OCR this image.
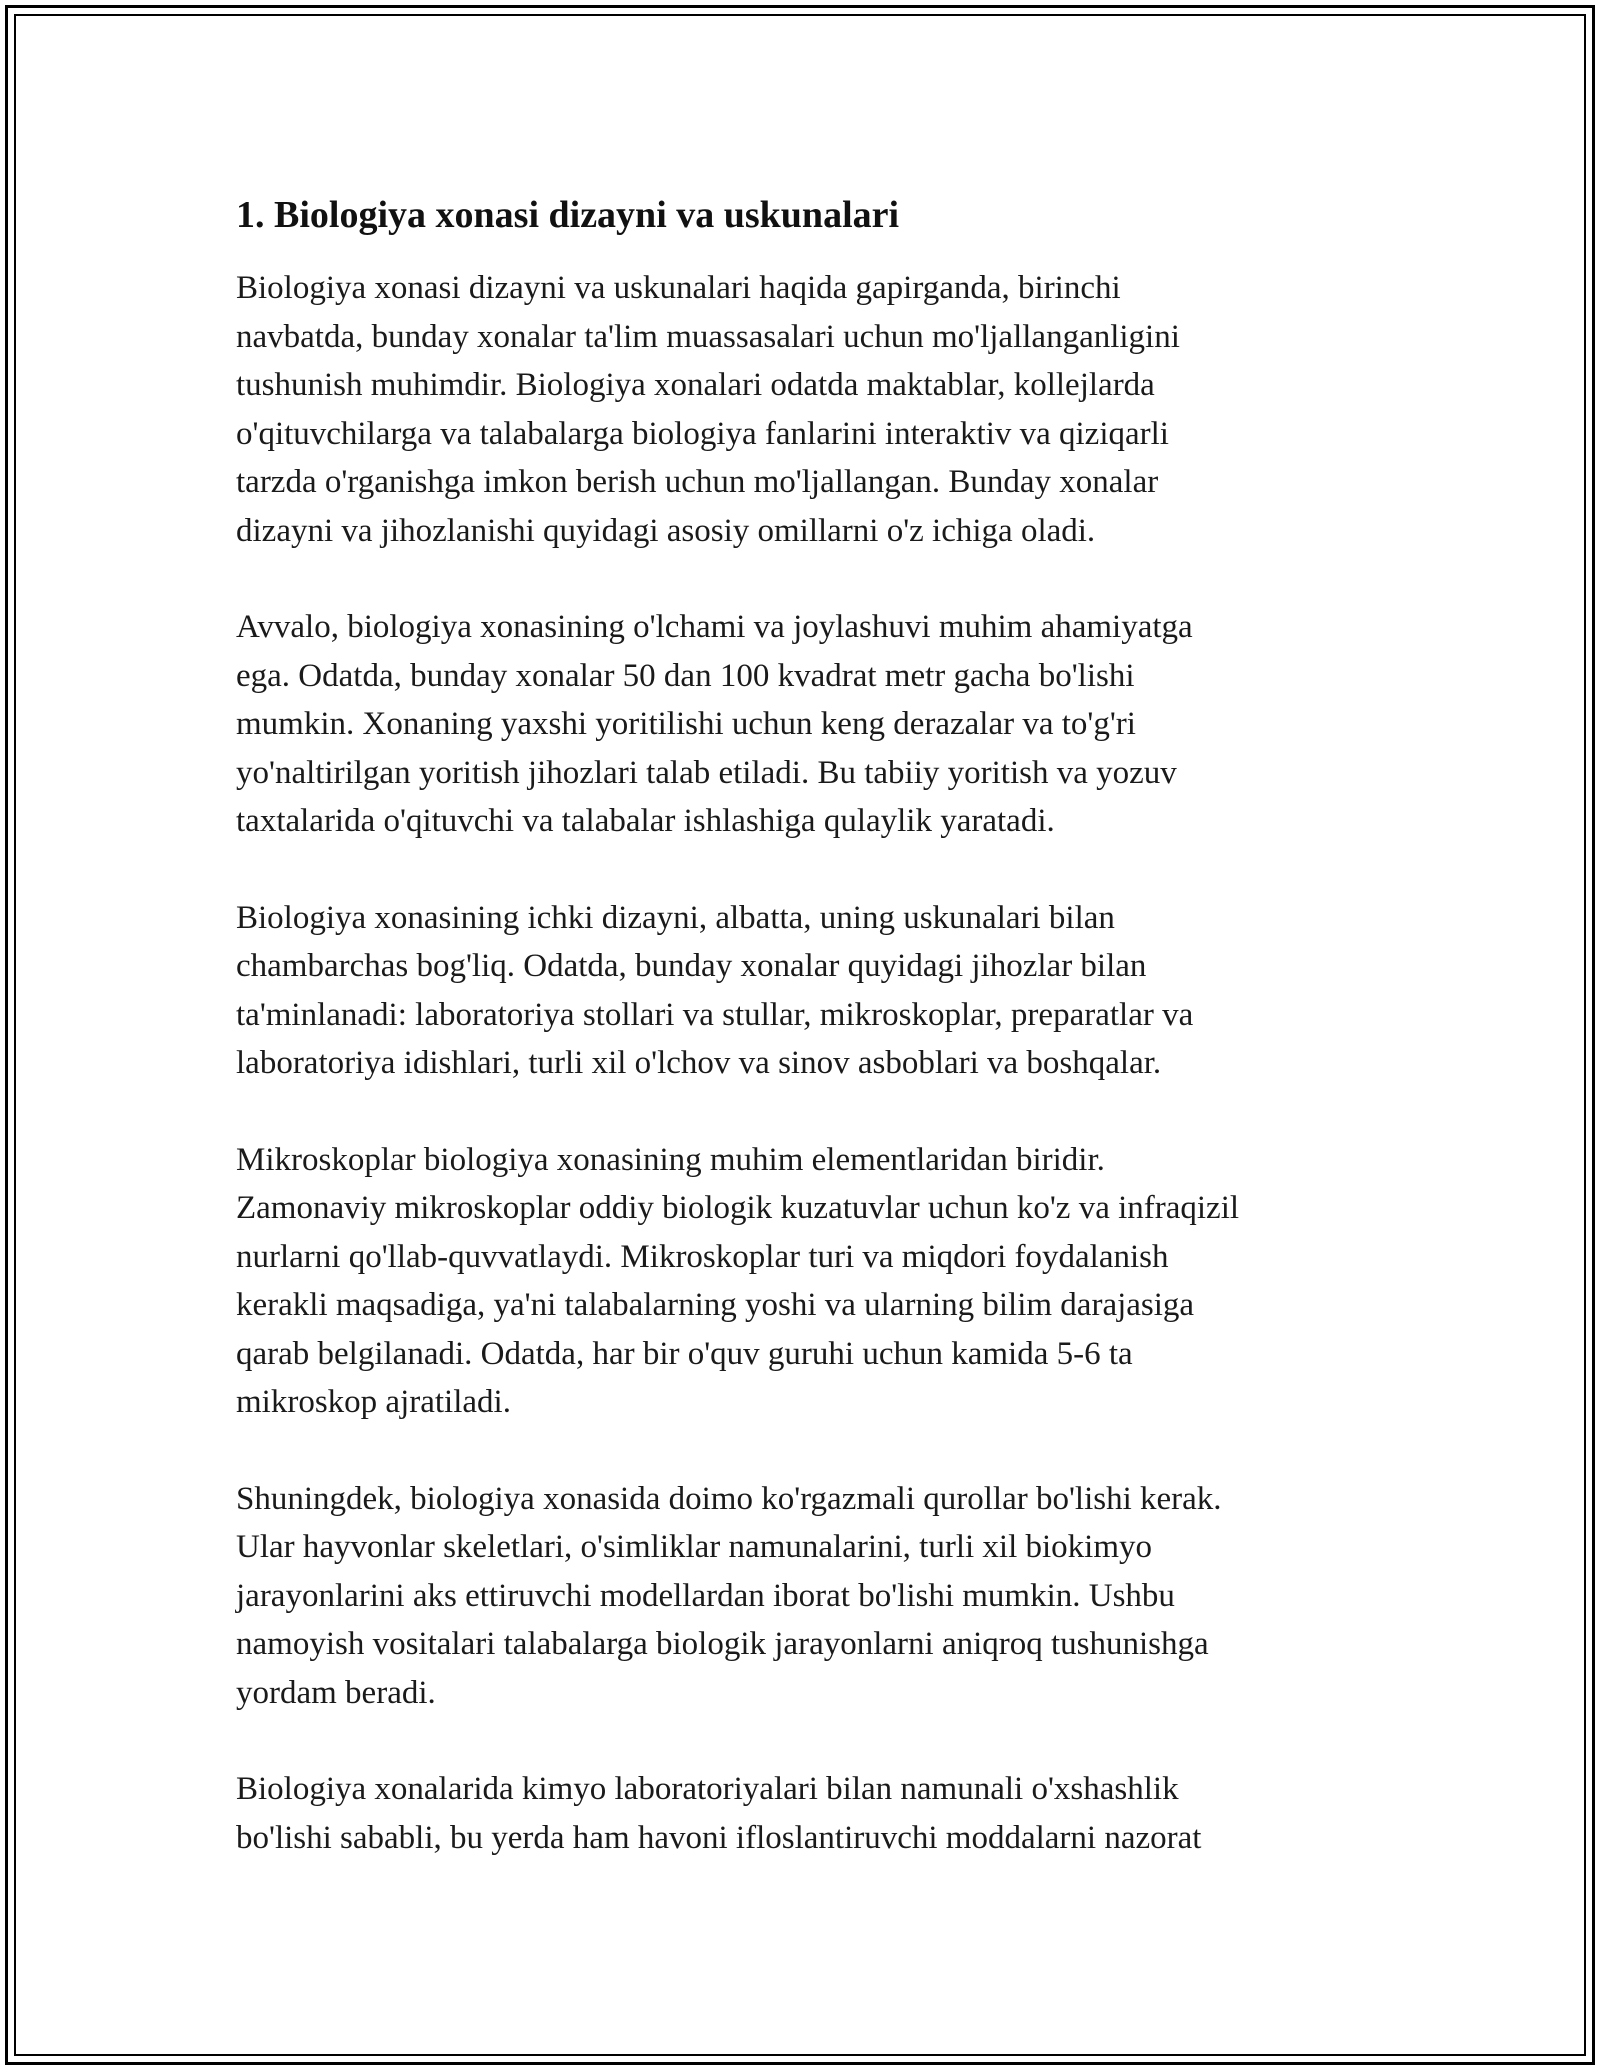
1. Biologiya xonasi dizayni va uskunalari

Biologiya xonasi dizayni va uskunalari haqida gapirganda, birinchi
navbatda, bunday xonalar ta'lim muassasalari uchun mo'ljallanganligini
tushunish muhimdir. Biologiya xonalari odatda maktablar, kollejlarda
o'qituvchilarga va talabalarga biologiya fanlarini interaktiv va qiziqarli
tarzda o'rganishga imkon berish uchun mo'ljallangan. Bunday xonalar
dizayni va jihozlanishi quyidagi asosiy omillarni o'z ichiga oladi.

Avvalo, biologiya xonasining o'lchami va joylashuvi muhim ahamiyatga
ega. Odatda, bunday xonalar 50 dan 100 kvadrat metr gacha bo'lishi
mumkin. Xonaning yaxshi yoritilishi uchun keng derazalar va to'g'ri
yo'naltirilgan yoritish jihozlari talab etiladi. Bu tabiiy yoritish va yozuv
taxtalarida o'qituvchi va talabalar ishlashiga qulaylik yaratadi.

Biologiya xonasining ichki dizayni, albatta, uning uskunalari bilan
chambarchas bog'liq. Odatda, bunday xonalar quyidagi jihozlar bilan
ta'minlanadi: laboratoriya stollari va stullar, mikroskoplar, preparatlar va
laboratoriya idishlari, turli xil o'lchov va sinov asboblari va boshqalar.

Mikroskoplar biologiya xonasining muhim elementlaridan biridir.
Zamonaviy mikroskoplar oddiy biologik kuzatuvlar uchun ko'z va infraqizil
nurlarni qo'llab-quvvatlaydi. Mikroskoplar turi va miqdori foydalanish
kerakli maqsadiga, ya'ni talabalarning yoshi va ularning bilim darajasiga
qarab belgilanadi. Odatda, har bir o'quv guruhi uchun kamida 5-6 ta
mikroskop ajratiladi.

Shuningdek, biologiya xonasida doimo ko'rgazmali qurollar bo'lishi kerak.
Ular hayvonlar skeletlari, o'simliklar namunalarini, turli xil biokimyo
jarayonlarini aks ettiruvchi modellardan iborat bo'lishi mumkin. Ushbu
namoyish vositalari talabalarga biologik jarayonlarni aniqroq tushunishga
yordam beradi.

Biologiya xonalarida kimyo laboratoriyalari bilan namunali o'xshashlik
bo'lishi sababli, bu yerda ham havoni ifloslantiruvchi moddalarni nazorat
